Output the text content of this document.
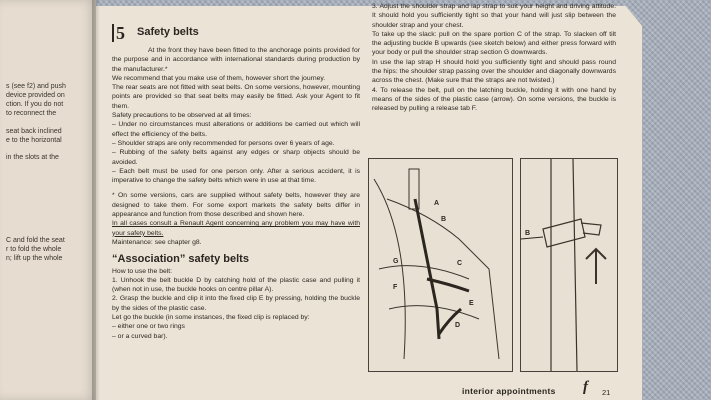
s (see f2) and push
device provided on
ction. If you do not
to reconnect the
seat back inclined
e to the horizontal
in the slots at the
C and fold the seat
r to fold the whole
n; lift up the whole
5 Safety belts

At the front they have been fitted to the anchorage points provided for the purpose and in accordance with international standards during production by the manufacturer.*

We recommend that you make use of them, however short the journey.

The rear seats are not fitted with seat belts. On some versions, however, mounting points are provided so that seat belts may easily be fitted. Ask your Agent to fit them.

Safety precautions to be observed at all times:

– Under no circumstances must alterations or additions be carried out which will effect the efficiency of the belts.

– Shoulder straps are only recommended for persons over 6 years of age.

– Rubbing of the safety belts against any edges or sharp objects should be avoided.

– Each belt must be used for one person only. After a serious accident, it is imperative to change the safety belts which were in use at that time.

* On some versions, cars are supplied without safety belts, however they are designed to take them. For some export markets the safety belts differ in appearance and function from those described and shown here.

In all cases consult a Renault Agent concerning any problem you may have with your safety belts.

Maintenance: see chapter g8.

“Association” safety belts

How to use the belt:

1. Unhook the belt buckle D by catching hold of the plastic case and pulling it (when not in use, the buckle hooks on centre pillar A).

2. Grasp the buckle and clip it into the fixed clip E by pressing, holding the buckle by the sides of the plastic case.

Let go the buckle (in some instances, the fixed clip is replaced by:

– either one or two rings

– or a curved bar).

3. Adjust the shoulder strap and lap strap to suit your height and driving attitude. It should hold you sufficiently tight so that your hand will just slip between the shoulder strap and your chest.

To take up the slack: pull on the spare portion C of the strap. To slacken off tilt the adjusting buckle B upwards (see sketch below) and either press forward with your body or pull the shoulder strap section G downwards.

In use the lap strap H should hold you sufficiently tight and should pass round the hips: the shoulder strap passing over the shoulder and diagonally downwards across the chest. (Make sure that the straps are not twisted.)

4. To release the belt, pull on the latching buckle, holding it with one hand by means of the sides of the plastic case (arrow). On some versions, the buckle is released by pulling a release tab F.

A
B
G	C
F
E
D
B
interior appointments f 21
